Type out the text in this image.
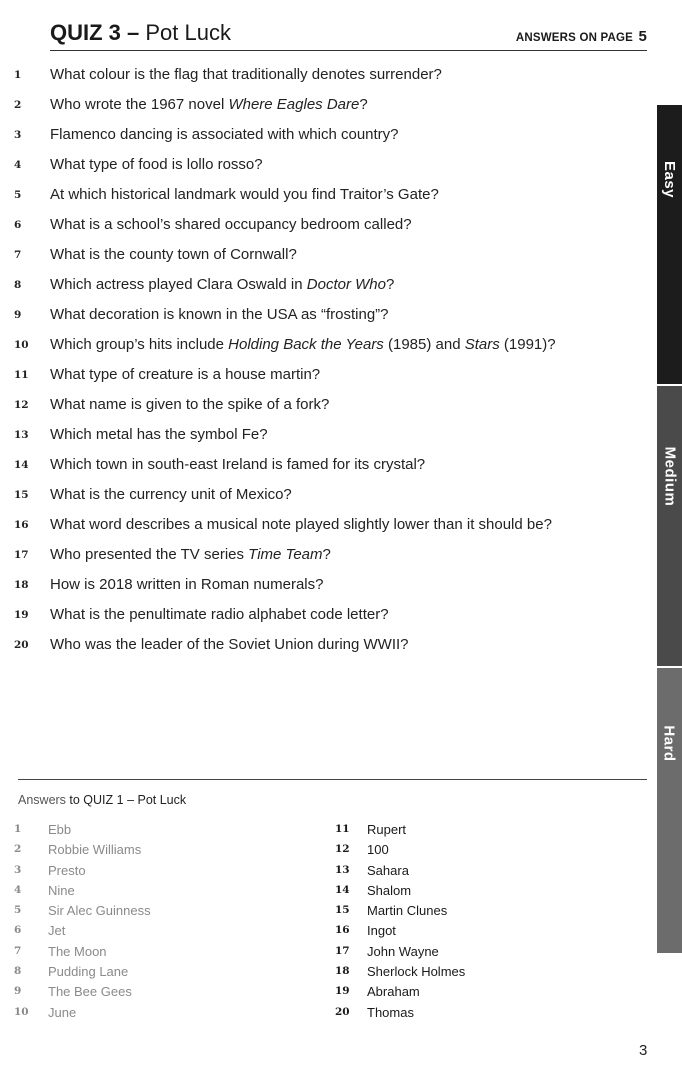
QUIZ 3 – Pot Luck	ANSWERS ON PAGE 5
1	What colour is the flag that traditionally denotes surrender?
2	Who wrote the 1967 novel Where Eagles Dare?
3	Flamenco dancing is associated with which country?
4	What type of food is lollo rosso?
5	At which historical landmark would you find Traitor’s Gate?
6	What is a school’s shared occupancy bedroom called?
7	What is the county town of Cornwall?
8	Which actress played Clara Oswald in Doctor Who?
9	What decoration is known in the USA as “frosting”?
10	Which group’s hits include Holding Back the Years (1985) and Stars (1991)?
11	What type of creature is a house martin?
12	What name is given to the spike of a fork?
13	Which metal has the symbol Fe?
14	Which town in south-east Ireland is famed for its crystal?
15	What is the currency unit of Mexico?
16	What word describes a musical note played slightly lower than it should be?
17	Who presented the TV series Time Team?
18	How is 2018 written in Roman numerals?
19	What is the penultimate radio alphabet code letter?
20	Who was the leader of the Soviet Union during WWII?
Answers to QUIZ 1 – Pot Luck
1	Ebb
2	Robbie Williams
3	Presto
4	Nine
5	Sir Alec Guinness
6	Jet
7	The Moon
8	Pudding Lane
9	The Bee Gees
10	June
11	Rupert
12	100
13	Sahara
14	Shalom
15	Martin Clunes
16	Ingot
17	John Wayne
18	Sherlock Holmes
19	Abraham
20	Thomas
Easy
Medium
Hard
3
